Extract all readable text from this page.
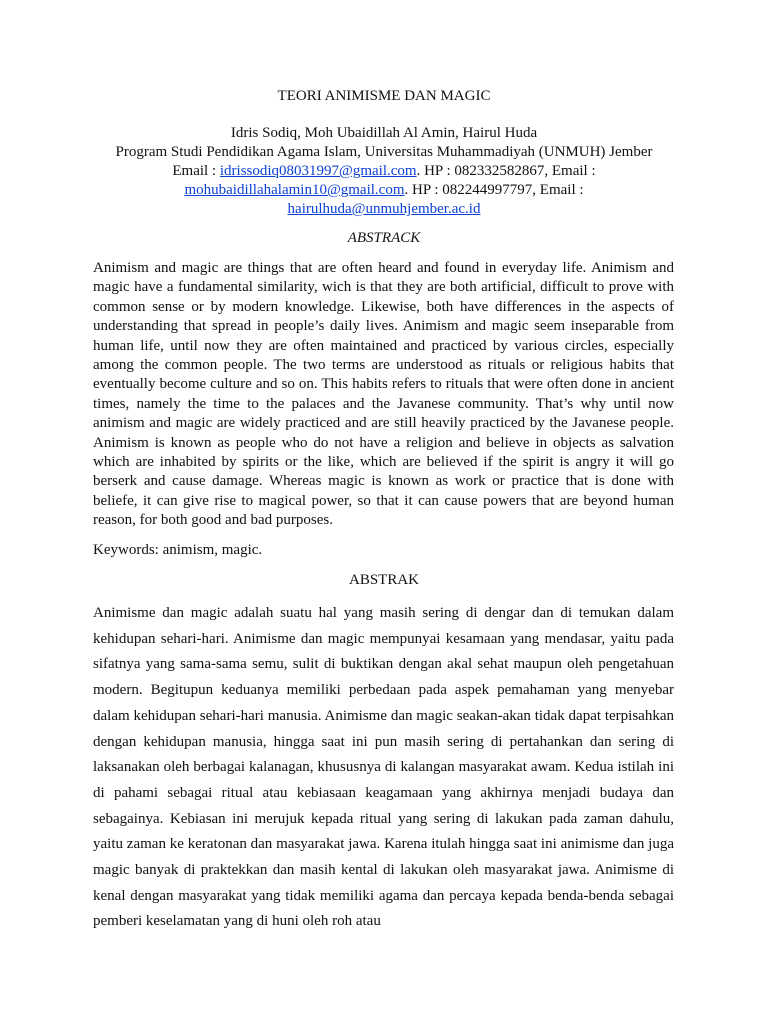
TEORI ANIMISME DAN MAGIC
Idris Sodiq, Moh Ubaidillah Al Amin, Hairul Huda
Program Studi Pendidikan Agama Islam, Universitas Muhammadiyah (UNMUH) Jember
Email : idrissodiq08031997@gmail.com. HP : 082332582867, Email :
mohubaidillahalamin10@gmail.com. HP : 082244997797, Email :
hairulhuda@unmuhjember.ac.id
ABSTRACK

Animism and magic are things that are often heard and found in everyday life. Animism and magic have a fundamental similarity, wich is that they are both artificial, difficult to prove with common sense or by modern knowledge. Likewise, both have differences in the aspects of understanding that spread in people’s daily lives. Animism and magic seem inseparable from human life, until now they are often maintained and practiced by various circles, especially among the common people. The two terms are understood as rituals or religious habits that eventually become culture and so on. This habits refers to rituals that were often done in ancient times, namely the time to the palaces and the Javanese community. That’s why until now animism and magic are widely practiced and are still heavily practiced by the Javanese people. Animism is known as people who do not have a religion and believe in objects as salvation which are inhabited by spirits or the like, which are believed if the spirit is angry it will go berserk and cause damage. Whereas magic is known as work or practice that is done with beliefe, it can give rise to magical power, so that it can cause powers that are beyond human reason, for both good and bad purposes.

Keywords: animism, magic.
ABSTRAK

Animisme dan magic adalah suatu hal yang masih sering di dengar dan di temukan dalam kehidupan sehari-hari. Animisme dan magic mempunyai kesamaan yang mendasar, yaitu pada sifatnya yang sama-sama semu, sulit di buktikan dengan akal sehat maupun oleh pengetahuan modern. Begitupun keduanya memiliki perbedaan pada aspek pemahaman yang menyebar dalam kehidupan sehari-hari manusia. Animisme dan magic seakan-akan tidak dapat terpisahkan dengan kehidupan manusia, hingga saat ini pun masih sering di pertahankan dan sering di laksanakan oleh berbagai kalanagan, khususnya di kalangan masyarakat awam. Kedua istilah ini di pahami sebagai ritual atau kebiasaan keagamaan yang akhirnya menjadi budaya dan sebagainya. Kebiasan ini merujuk kepada ritual yang sering di lakukan pada zaman dahulu, yaitu zaman ke keratonan dan masyarakat jawa. Karena itulah hingga saat ini animisme dan juga magic banyak di praktekkan dan masih kental di lakukan oleh masyarakat jawa. Animisme di kenal dengan masyarakat yang tidak memiliki agama dan percaya kepada benda-benda sebagai pemberi keselamatan yang di huni oleh roh atau
